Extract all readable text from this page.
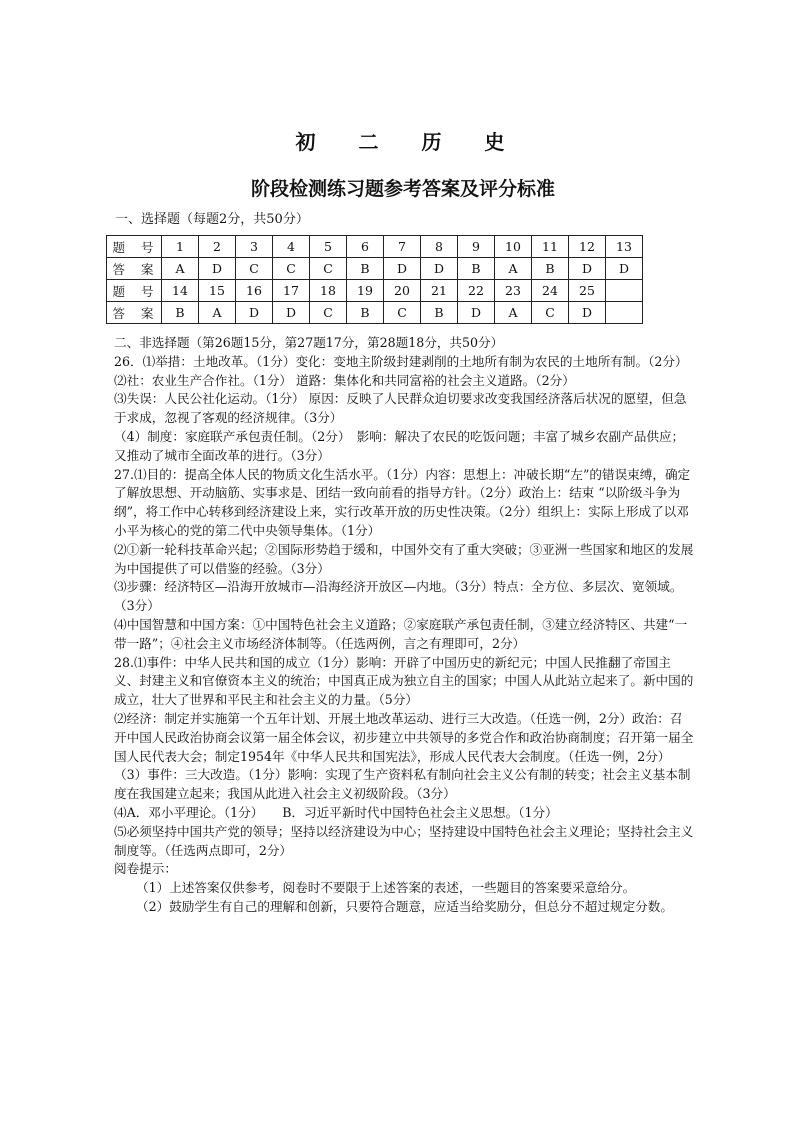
初 二 历 史
阶段检测练习题参考答案及评分标准
一、选择题（每题2分，共50分）
题 号	1	2	3	4	5	6	7	8	9	10	11	12	13
答 案	A	D	C	C	C	B	D	D	B	A	B	D	D
题 号	14	15	16	17	18	19	20	21	22	23	24	25	
答 案	B	A	D	D	C	B	C	B	D	A	C	D	

二、非选择题（第26题15分，第27题17分，第28题18分，共50分）

26．⑴举措：土地改革。（1分）变化：变地主阶级封建剥削的土地所有制为农民的土地所有制。（2分）

⑵社：农业生产合作社。（1分） 道路：集体化和共同富裕的社会主义道路。（2分）

⑶失误：人民公社化运动。（1分） 原因：反映了人民群众迫切要求改变我国经济落后状况的愿望，但急于求成，忽视了客观的经济规律。（3分）

（4）制度：家庭联产承包责任制。（2分）　影响：解决了农民的吃饭问题；丰富了城乡农副产品供应；又推动了城市全面改革的进行。（3分）

27.⑴目的：提高全体人民的物质文化生活水平。（1分）内容：思想上：冲破长期“左”的错误束缚，确定了解放思想、开动脑筋、实事求是、团结一致向前看的指导方针。（2分）政治上：结束 “以阶级斗争为纲”，将工作中心转移到经济建设上来，实行改革开放的历史性决策。（2分）组织上：实际上形成了以邓小平为核心的党的第二代中央领导集体。（1分）

⑵①新一轮科技革命兴起；②国际形势趋于缓和，中国外交有了重大突破；③亚洲一些国家和地区的发展为中国提供了可以借鉴的经验。（3分）

⑶步骤：经济特区—沿海开放城市—沿海经济开放区—内地。（3分）特点：全方位、多层次、宽领域。（3分）

⑷中国智慧和中国方案：①中国特色社会主义道路；②家庭联产承包责任制，③建立经济特区、共建“一带一路”；④社会主义市场经济体制等。（任选两例，言之有理即可，2分）

28.⑴事件：中华人民共和国的成立（1分）影响：开辟了中国历史的新纪元；中国人民推翻了帝国主义、封建主义和官僚资本主义的统治；中国真正成为独立自主的国家；中国人从此站立起来了。新中国的成立，壮大了世界和平民主和社会主义的力量。（5分）

⑵经济：制定并实施第一个五年计划、开展土地改革运动、进行三大改造。（任选一例，2分）政治：召开中国人民政治协商会议第一届全体会议，初步建立中共领导的多党合作和政治协商制度；召开第一届全国人民代表大会；制定1954年《中华人民共和国宪法》，形成人民代表大会制度。（任选一例，2分）

（3）事件：三大改造。（1分）影响：实现了生产资料私有制向社会主义公有制的转变；社会主义基本制度在我国建立起来；我国从此进入社会主义初级阶段。（3分）

⑷A．邓小平理论。（1分）　　B．习近平新时代中国特色社会主义思想。（1分）

⑸必须坚持中国共产党的领导；坚持以经济建设为中心；坚持建设中国特色社会主义理论；坚持社会主义制度等。（任选两点即可，2分）

阅卷提示：

（1）上述答案仅供参考，阅卷时不要限于上述答案的表述，一些题目的答案要采意给分。

（2）鼓励学生有自己的理解和创新，只要符合题意，应适当给奖励分，但总分不超过规定分数。
